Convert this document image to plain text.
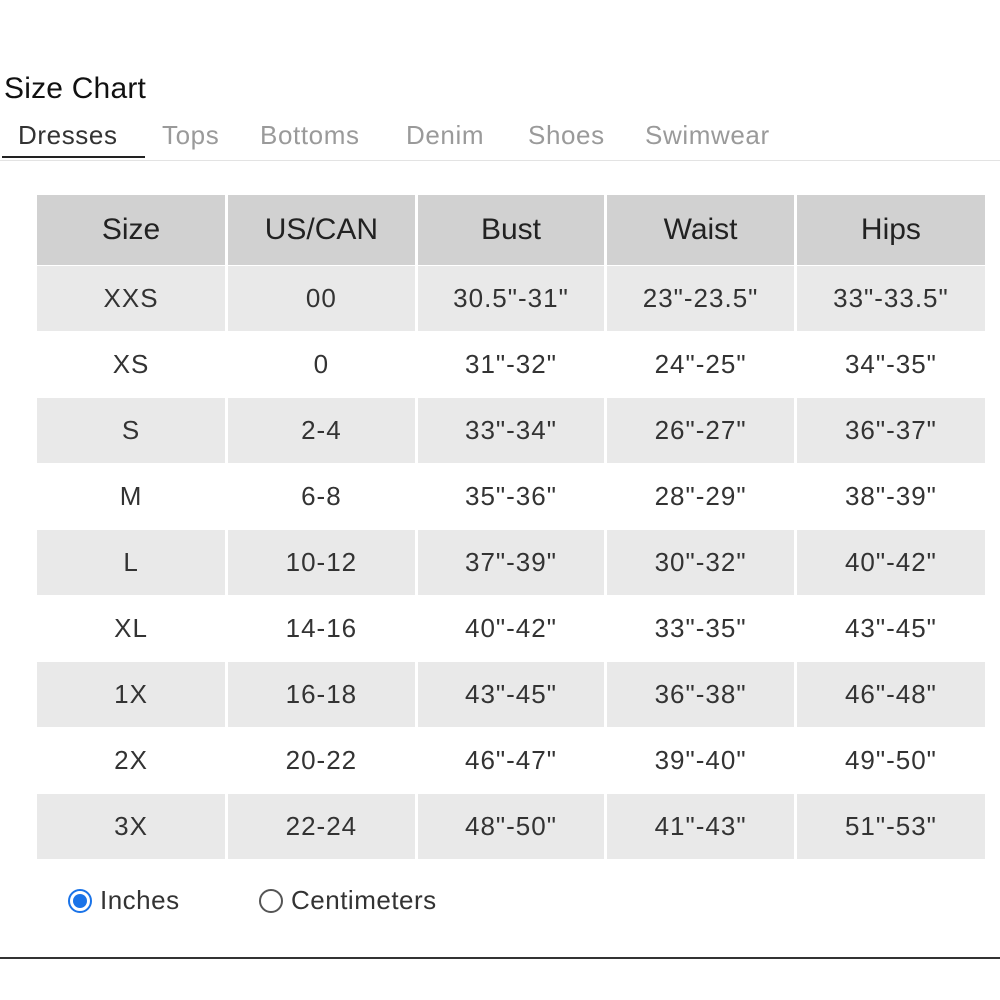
Size Chart
Dresses Tops Bottoms Denim Shoes Swimwear
Size	US/CAN	Bust	Waist	Hips
XXS	00	30.5"-31"	23"-23.5"	33"-33.5"
XS	0	31"-32"	24"-25"	34"-35"
S	2-4	33"-34"	26"-27"	36"-37"
M	6-8	35"-36"	28"-29"	38"-39"
L	10-12	37"-39"	30"-32"	40"-42"
XL	14-16	40"-42"	33"-35"	43"-45"
1X	16-18	43"-45"	36"-38"	46"-48"
2X	20-22	46"-47"	39"-40"	49"-50"
3X	22-24	48"-50"	41"-43"	51"-53"
Inches	Centimeters
